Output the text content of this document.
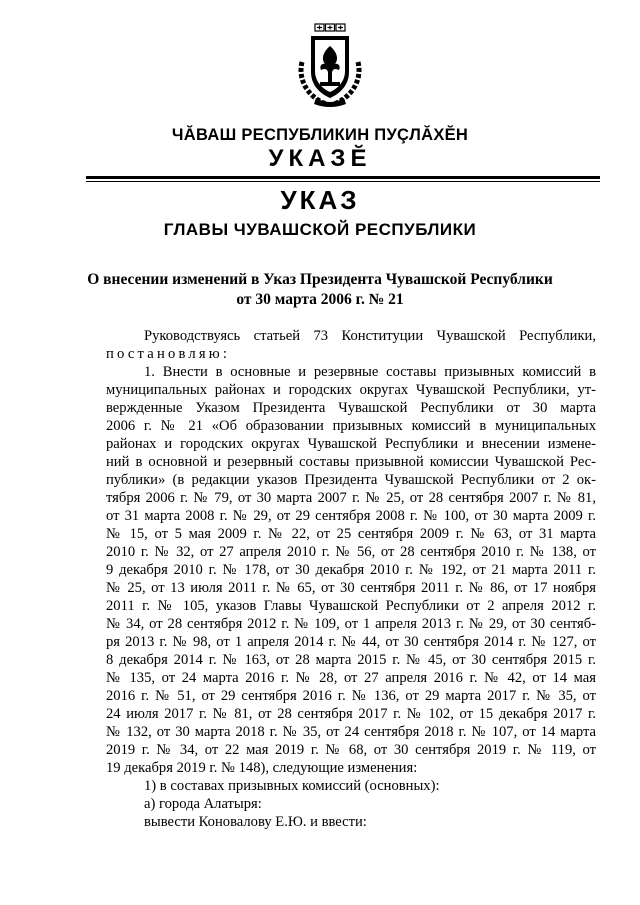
ЧĂВАШ РЕСПУБЛИКИН ПУÇЛĂХĔН
УКАЗĔ
УКАЗ
ГЛАВЫ ЧУВАШСКОЙ РЕСПУБЛИКИ
О внесении изменений в Указ Президента Чувашской Республики
от 30 марта 2006 г. № 21

Руководствуясь статьей 73 Конституции Чувашской Республики,

постановляю:

1. Внести в основные и резервные составы призывных комиссий в

муниципальных районах и городских округах Чувашской Республики, ут-

вержденные Указом Президента Чувашской Республики от 30 марта

2006 г. № 21 «Об образовании призывных комиссий в муниципальных

районах и городских округах Чувашской Республики и внесении измене-

ний в основной и резервный составы призывной комиссии Чувашской Рес-

публики» (в редакции указов Президента Чувашской Республики от 2 ок-

тября 2006 г. № 79, от 30 марта 2007 г. № 25, от 28 сентября 2007 г. № 81,

от 31 марта 2008 г. № 29, от 29 сентября 2008 г. № 100, от 30 марта 2009 г.

№ 15, от 5 мая 2009 г. № 22, от 25 сентября 2009 г. № 63, от 31 марта

2010 г. № 32, от 27 апреля 2010 г. № 56, от 28 сентября 2010 г. № 138, от

9 декабря 2010 г. № 178, от 30 декабря 2010 г. № 192, от 21 марта 2011 г.

№ 25, от 13 июля 2011 г. № 65, от 30 сентября 2011 г. № 86, от 17 ноября

2011 г. № 105, указов Главы Чувашской Республики от 2 апреля 2012 г.

№ 34, от 28 сентября 2012 г. № 109, от 1 апреля 2013 г. № 29, от 30 сентяб-

ря 2013 г. № 98, от 1 апреля 2014 г. № 44, от 30 сентября 2014 г. № 127, от

8 декабря 2014 г. № 163, от 28 марта 2015 г. № 45, от 30 сентября 2015 г.

№ 135, от 24 марта 2016 г. № 28, от 27 апреля 2016 г. № 42, от 14 мая

2016 г. № 51, от 29 сентября 2016 г. № 136, от 29 марта 2017 г. № 35, от

24 июля 2017 г. № 81, от 28 сентября 2017 г. № 102, от 15 декабря 2017 г.

№ 132, от 30 марта 2018 г. № 35, от 24 сентября 2018 г. № 107, от 14 марта

2019 г. № 34, от 22 мая 2019 г. № 68, от 30 сентября 2019 г. № 119, от

19 декабря 2019 г. № 148), следующие изменения:

1) в составах призывных комиссий (основных):

а) города Алатыря:

вывести Коновалову Е.Ю. и ввести:
